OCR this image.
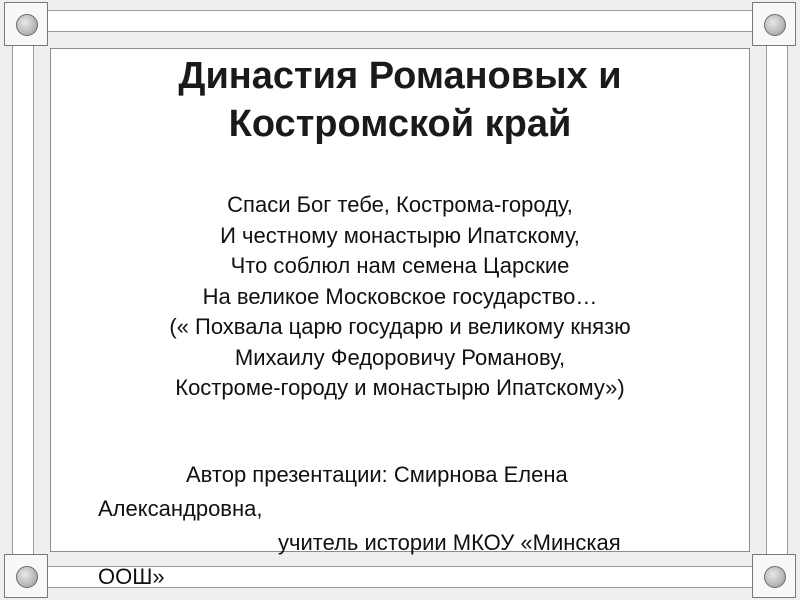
Династия Романовых и
Костромской край
Спаси Бог тебе, Кострома-городу,
И честному монастырю Ипатскому,
Что соблюл нам семена Царские
На великое Московское государство…
(« Похвала царю государю и великому князю
Михаилу Федоровичу Романову,
Костроме-городу и монастырю Ипатскому»)
Автор презентации: Смирнова Елена
Александровна,
учитель истории МКОУ «Минская
ООШ»
